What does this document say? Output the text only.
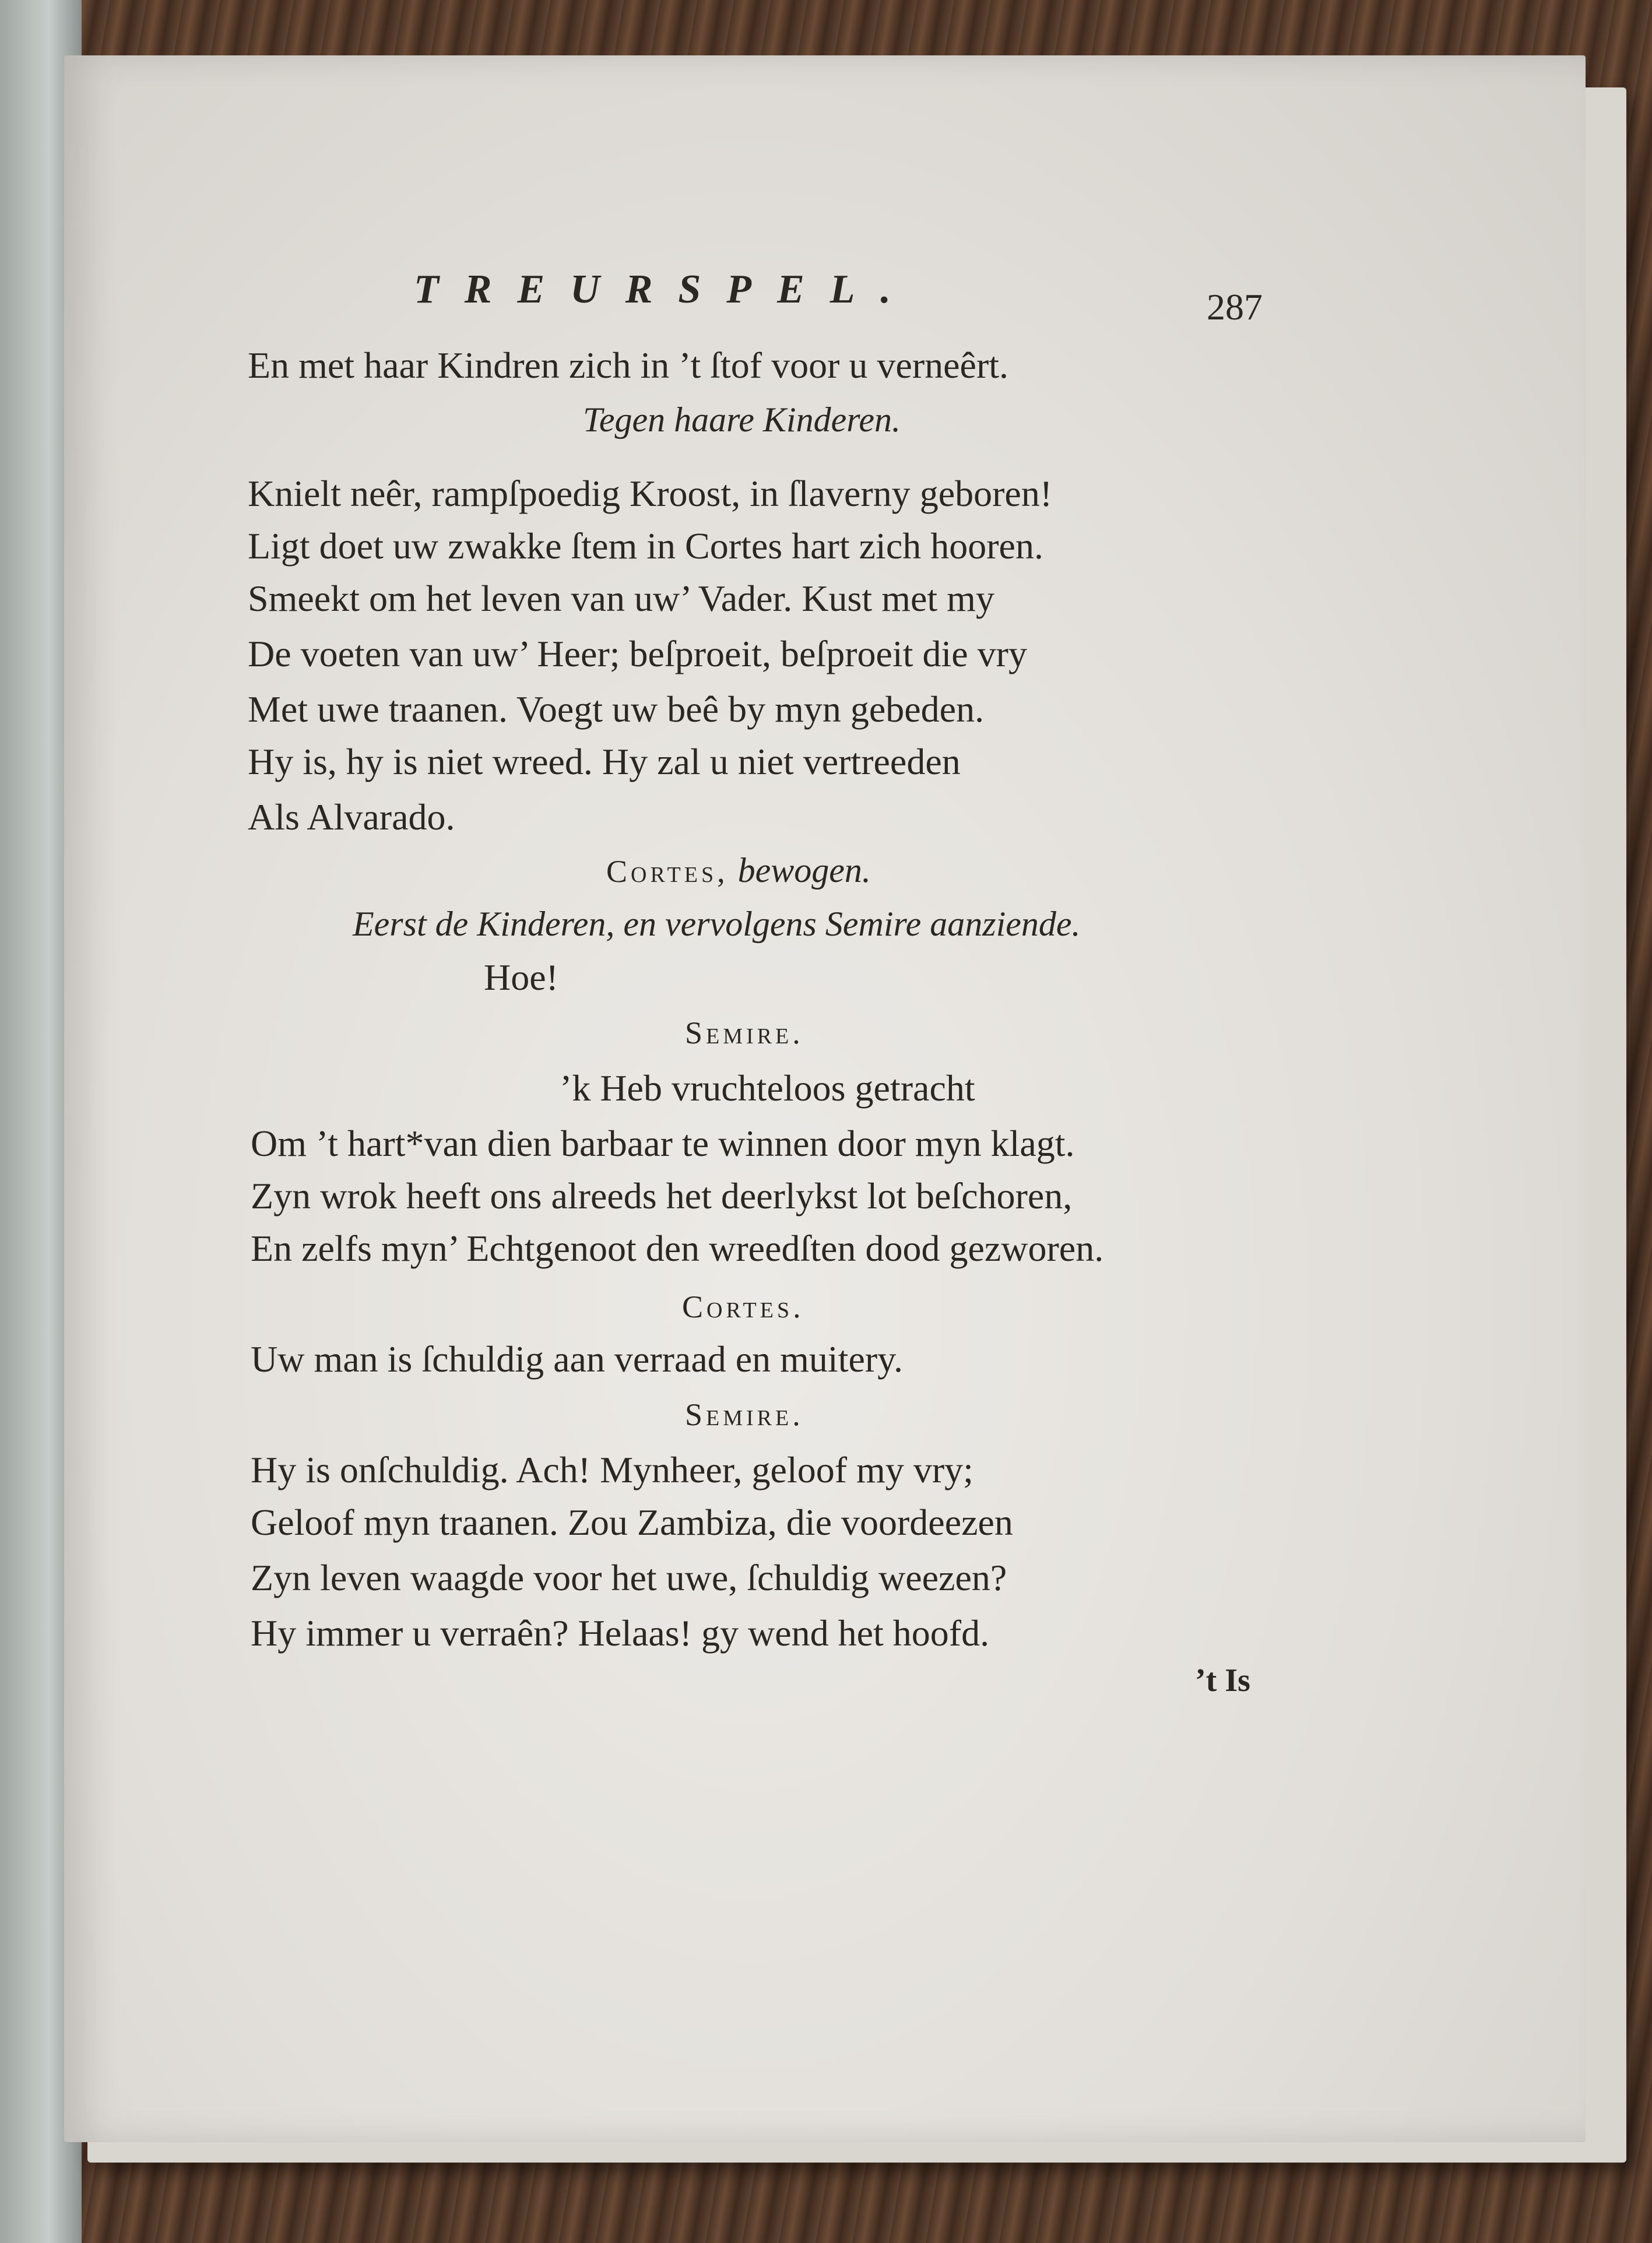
TREURSPEL.	287
En met haar Kindren zich in ’t ſtof voor u verneêrt.
Tegen haare Kinderen.
Knielt neêr, rampſpoedig Kroost, in ſlaverny geboren!
Ligt doet uw zwakke ſtem in Cortes hart zich hooren.
Smeekt om het leven van uw’ Vader. Kust met my
De voeten van uw’ Heer; beſproeit, beſproeit die vry
Met uwe traanen. Voegt uw beê by myn gebeden.
Hy is, hy is niet wreed. Hy zal u niet vertreeden
Als Alvarado.
Cortes, bewogen.
Eerst de Kinderen, en vervolgens Semire aanziende.
Hoe!
Semire.
’k Heb vruchteloos getracht
Om ’t hart*van dien barbaar te winnen door myn klagt.
Zyn wrok heeft ons alreeds het deerlykst lot beſchoren,
En zelfs myn’ Echtgenoot den wreedſten dood gezworen.
Cortes.
Uw man is ſchuldig aan verraad en muitery.
Semire.
Hy is onſchuldig. Ach! Mynheer, geloof my vry;
Geloof myn traanen. Zou Zambiza, die voordeezen
Zyn leven waagde voor het uwe, ſchuldig weezen?
Hy immer u verraên? Helaas! gy wend het hoofd.
’t Is
